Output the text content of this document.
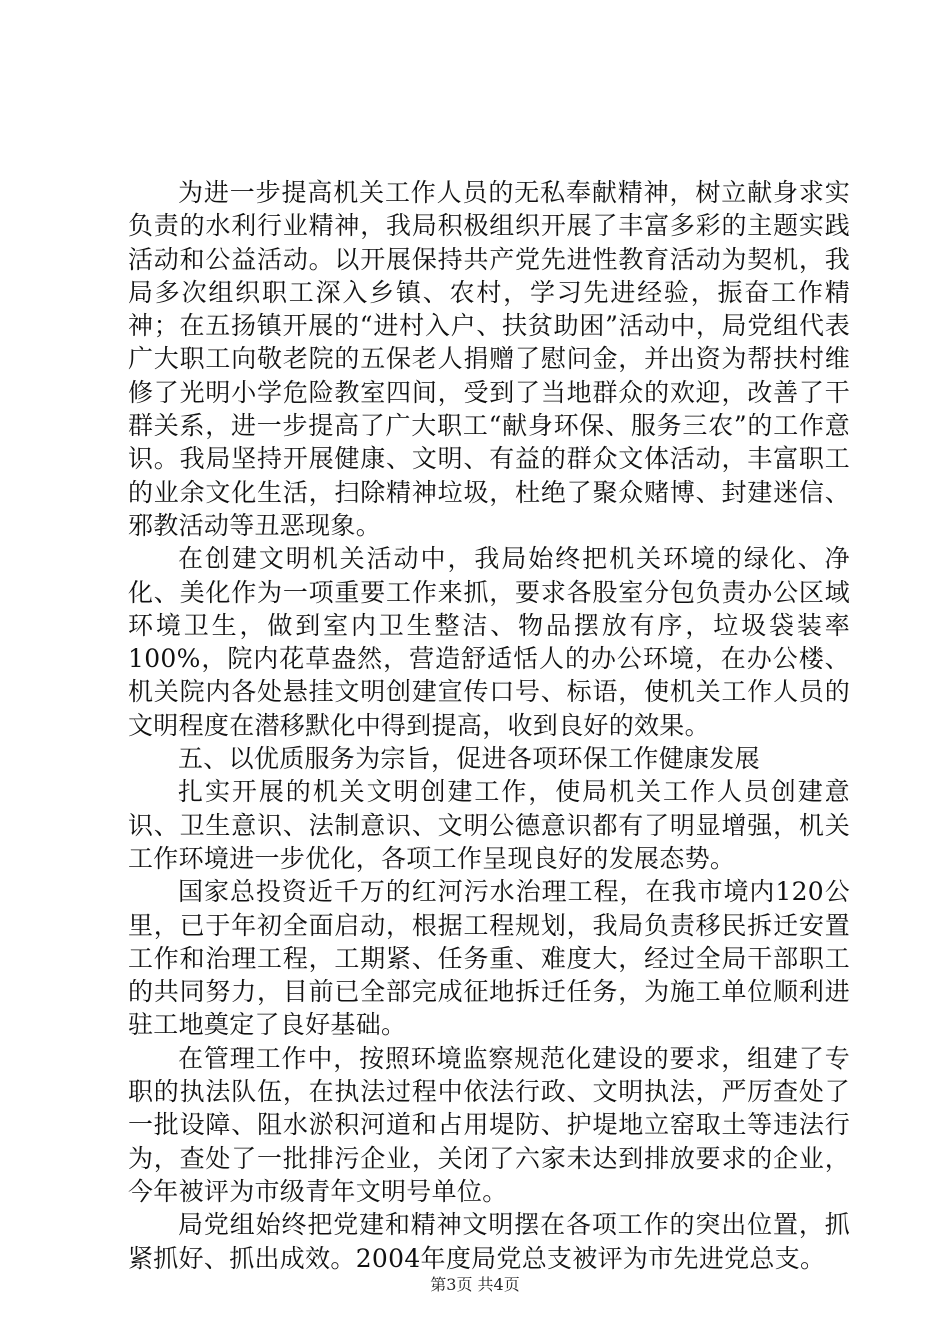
为进一步提高机关工作人员的无私奉献精神，树立献身求实负责的水利行业精神，我局积极组织开展了丰富多彩的主题实践活动和公益活动。以开展保持共产党先进性教育活动为契机，我局多次组织职工深入乡镇、农村，学习先进经验，振奋工作精神；在五扬镇开展的“进村入户、扶贫助困”活动中，局党组代表广大职工向敬老院的五保老人捐赠了慰问金，并出资为帮扶村维修了光明小学危险教室四间，受到了当地群众的欢迎，改善了干群关系，进一步提高了广大职工“献身环保、服务三农”的工作意识。我局坚持开展健康、文明、有益的群众文体活动，丰富职工的业余文化生活，扫除精神垃圾，杜绝了聚众赌博、封建迷信、邪教活动等丑恶现象。

在创建文明机关活动中，我局始终把机关环境的绿化、净化、美化作为一项重要工作来抓，要求各股室分包负责办公区域环境卫生，做到室内卫生整洁、物品摆放有序，垃圾袋装率100%，院内花草盎然，营造舒适恬人的办公环境，在办公楼、机关院内各处悬挂文明创建宣传口号、标语，使机关工作人员的文明程度在潜移默化中得到提高，收到良好的效果。

五、以优质服务为宗旨，促进各项环保工作健康发展

扎实开展的机关文明创建工作，使局机关工作人员创建意识、卫生意识、法制意识、文明公德意识都有了明显增强，机关工作环境进一步优化，各项工作呈现良好的发展态势。

国家总投资近千万的红河污水治理工程，在我市境内120公里，已于年初全面启动，根据工程规划，我局负责移民拆迁安置工作和治理工程，工期紧、任务重、难度大，经过全局干部职工的共同努力，目前已全部完成征地拆迁任务，为施工单位顺利进驻工地奠定了良好基础。

在管理工作中，按照环境监察规范化建设的要求，组建了专职的执法队伍，在执法过程中依法行政、文明执法，严厉查处了一批设障、阻水淤积河道和占用堤防、护堤地立窑取土等违法行为，查处了一批排污企业，关闭了六家未达到排放要求的企业，今年被评为市级青年文明号单位。

局党组始终把党建和精神文明摆在各项工作的突出位置，抓紧抓好、抓出成效。2004年度局党总支被评为市先进党总支。

第3页 共4页
